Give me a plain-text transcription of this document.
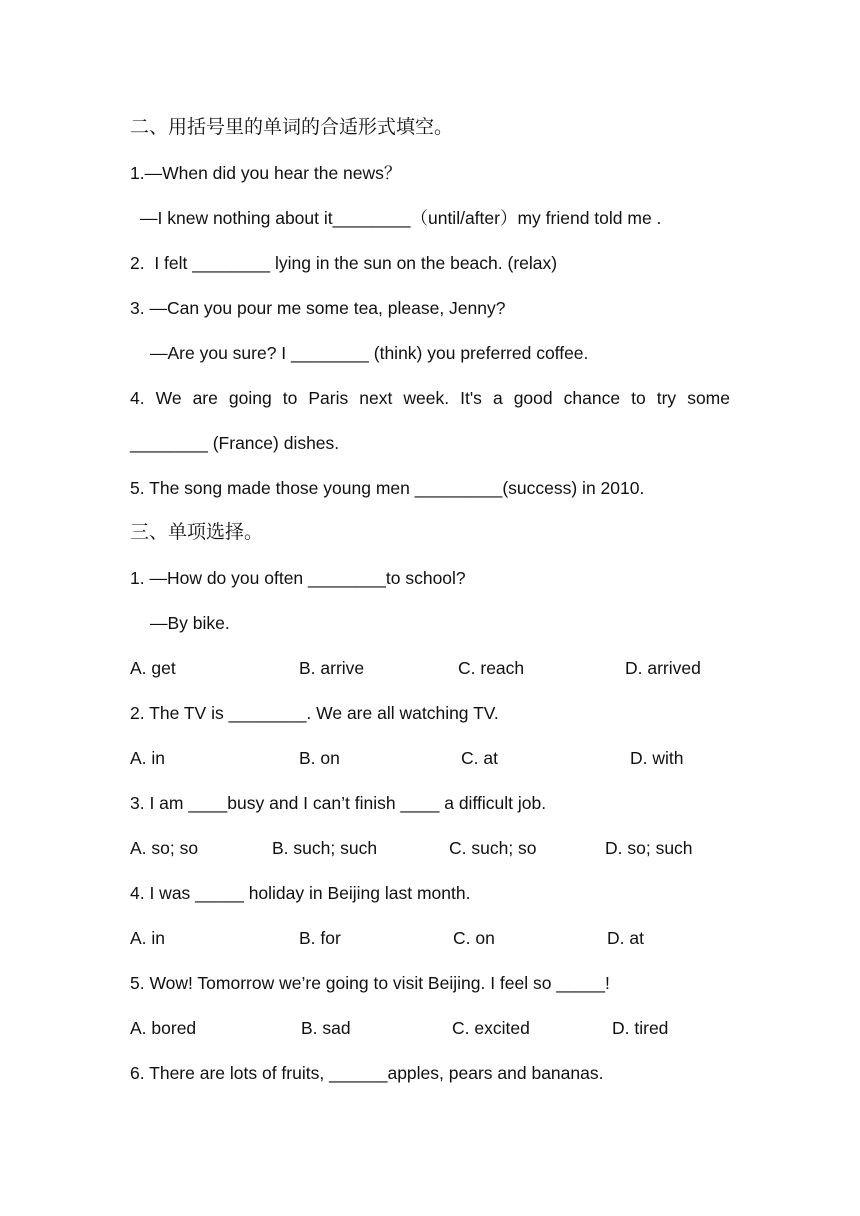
二、用括号里的单词的合适形式填空。
1.—When did you hear the news？
—I knew nothing about it________（until/after）my friend told me .
2.  I felt ________ lying in the sun on the beach. (relax)
3. —Can you pour me some tea, please, Jenny?
—Are you sure? I ________ (think) you preferred coffee.
4. We are going to Paris next week. It's a good chance to try some
________ (France) dishes.
5. The song made those young men _________(success) in 2010.
三、单项选择。
1. —How do you often ________to school?
—By bike.
A. get	B. arrive	C. reach	D. arrived
2. The TV is ________. We are all watching TV.
A. in	B. on	C. at	D. with
3. I am ____busy and I can’t finish ____ a difficult job.
A. so; so	B. such; such	C. such; so	D. so; such
4. I was _____ holiday in Beijing last month.
A. in	B. for	C. on	D. at
5. Wow! Tomorrow we’re going to visit Beijing. I feel so _____!
A. bored	B. sad	C. excited	D. tired
6. There are lots of fruits, ______apples, pears and bananas.
